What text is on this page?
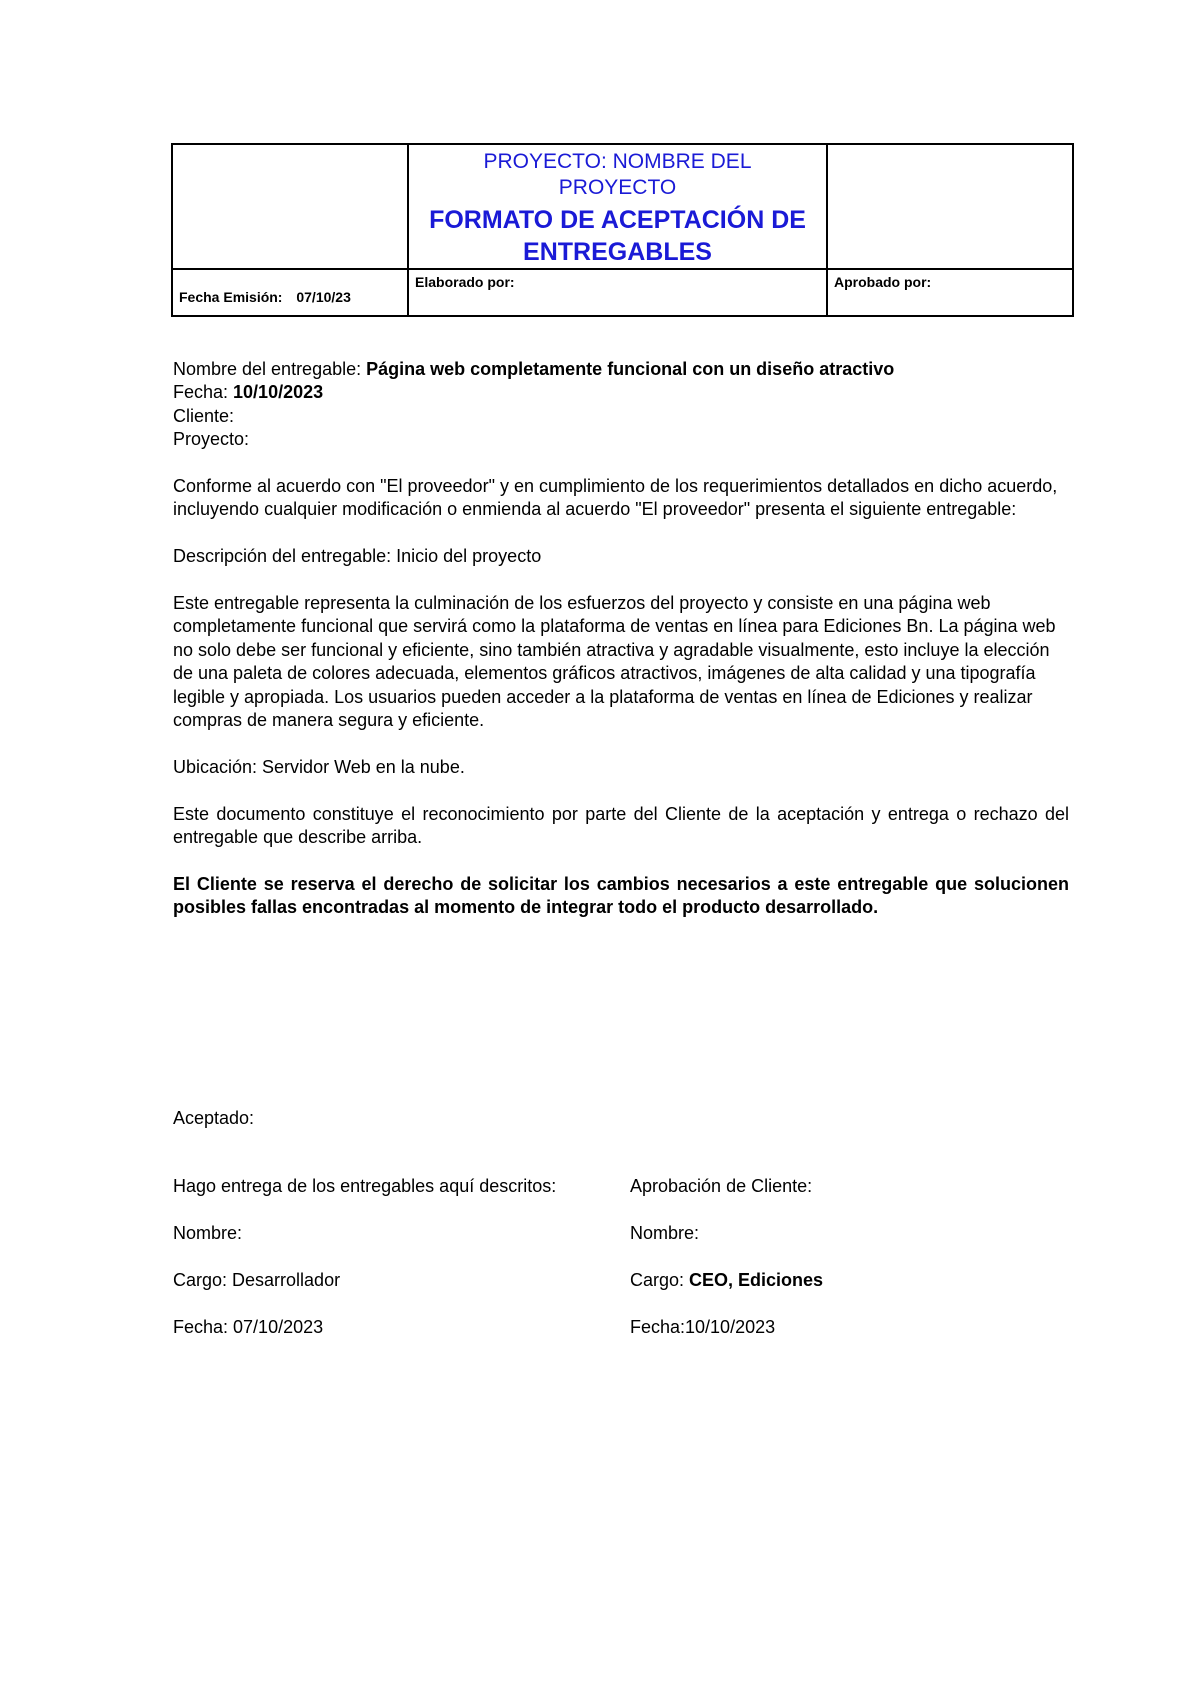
	PROYECTO: NOMBRE DEL PROYECTO
FORMATO DE ACEPTACIÓN DE ENTREGABLES	

Fecha Emisión: 07/10/23	Elaborado por:	Aprobado por:

Nombre del entregable: Página web completamente funcional con un diseño atractivo

Fecha: 10/10/2023

Cliente:

Proyecto:

Conforme al acuerdo con "El proveedor" y en cumplimiento de los requerimientos detallados en dicho acuerdo, incluyendo cualquier modificación o enmienda al acuerdo "El proveedor" presenta el siguiente entregable:

Descripción del entregable: Inicio del proyecto

Este entregable representa la culminación de los esfuerzos del proyecto y consiste en una página web completamente funcional que servirá como la plataforma de ventas en línea para Ediciones Bn. La página web no solo debe ser funcional y eficiente, sino también atractiva y agradable visualmente, esto incluye la elección de una paleta de colores adecuada, elementos gráficos atractivos, imágenes de alta calidad y una tipografía legible y apropiada. Los usuarios pueden acceder a la plataforma de ventas en línea de Ediciones y realizar compras de manera segura y eficiente.

Ubicación: Servidor Web en la nube.

Este documento constituye el reconocimiento por parte del Cliente de la aceptación y entrega o rechazo del entregable que describe arriba.

El Cliente se reserva el derecho de solicitar los cambios necesarios a este entregable que solucionen posibles fallas encontradas al momento de integrar todo el producto desarrollado.

Aceptado:
Hago entrega de los entregables aquí descritos:	Aprobación de Cliente:
Nombre:	Nombre:
Cargo: Desarrollador	Cargo: CEO, Ediciones
Fecha: 07/10/2023	Fecha:10/10/2023
